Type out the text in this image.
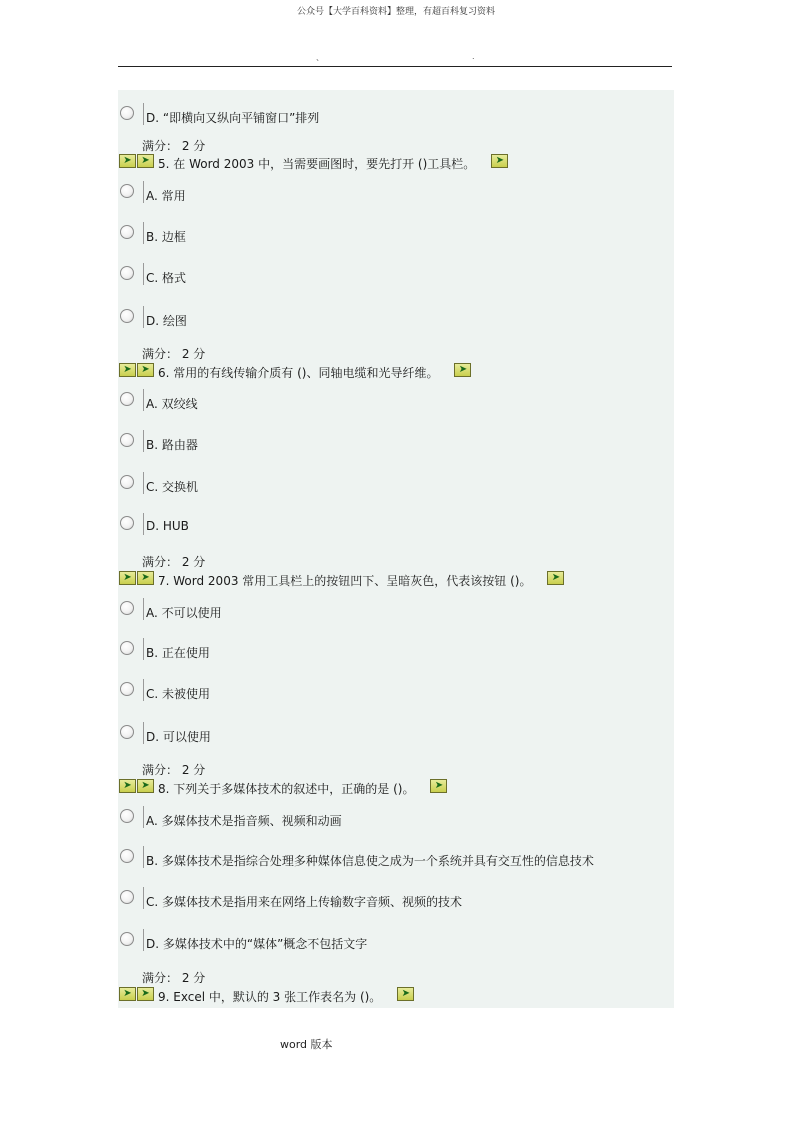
公众号【大学百科资料】整理，有超百科复习资料
、	.
D. “即横向又纵向平铺窗口”排列
满分： 2 分
➤ ➤ 5. 在 Word 2003 中，当需要画图时，要先打开 ()工具栏。	➤
A. 常用
B. 边框
C. 格式
D. 绘图
满分： 2 分
➤ ➤ 6. 常用的有线传输介质有 ()、同轴电缆和光导纤维。	➤
A. 双绞线
B. 路由器
C. 交换机
D. HUB
满分： 2 分
➤ ➤ 7. Word 2003 常用工具栏上的按钮凹下、呈暗灰色，代表该按钮 ()。	➤
A. 不可以使用
B. 正在使用
C. 未被使用
D. 可以使用
满分： 2 分
➤ ➤ 8. 下列关于多媒体技术的叙述中，正确的是 ()。	➤
A. 多媒体技术是指音频、视频和动画
B. 多媒体技术是指综合处理多种媒体信息使之成为一个系统并具有交互性的信息技术
C. 多媒体技术是指用来在网络上传输数字音频、视频的技术
D. 多媒体技术中的“媒体”概念不包括文字
满分： 2 分
➤ ➤ 9. Excel 中，默认的 3 张工作表名为 ()。	➤
word 版本
